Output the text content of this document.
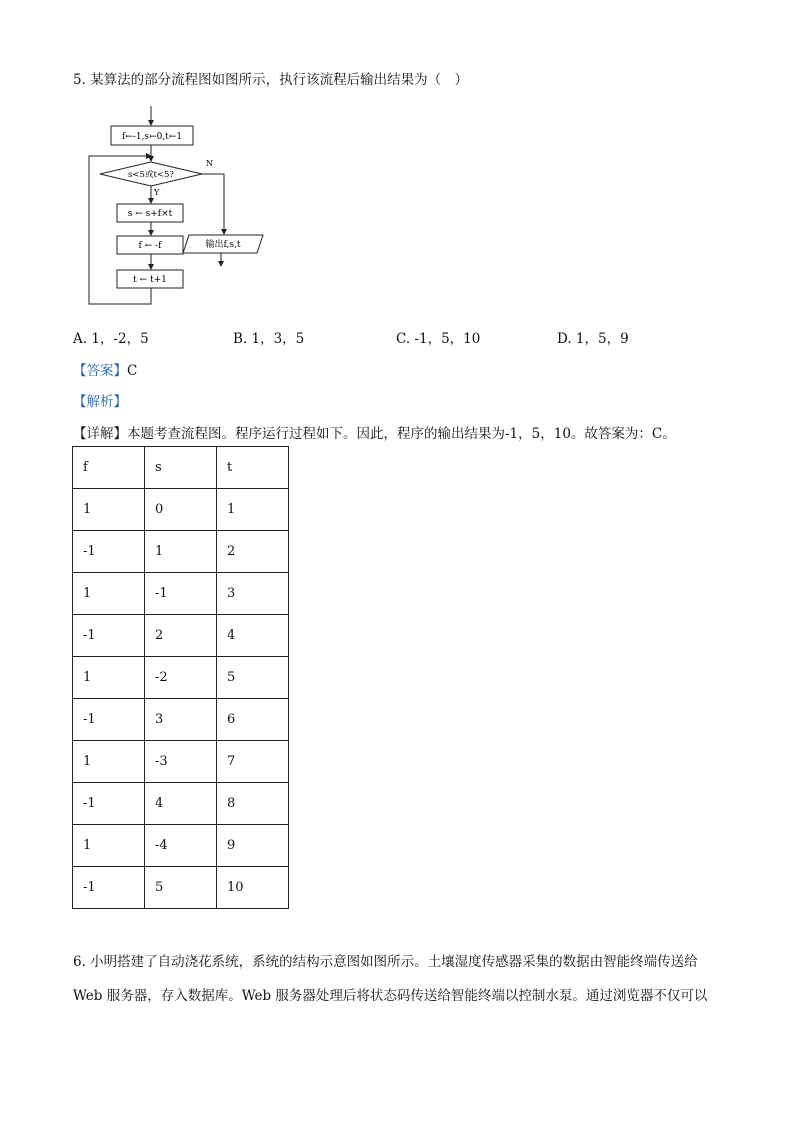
5. 某算法的部分流程图如图所示，执行该流程后输出结果为（　）
f←-1,s←0,t←1
s<5或t<5?
N
Y
s ← s+f×t
f ← -f
t ← t+1
输出f,s,t
A. 1，-2，5	B. 1，3，5	C. -1，5，10	D. 1，5，9
【答案】C
【解析】
【详解】本题考查流程图。程序运行过程如下。因此，程序的输出结果为-1，5，10。故答案为：C。
f	s	t
1	0	1
-1	1	2
1	-1	3
-1	2	4
1	-2	5
-1	3	6
1	-3	7
-1	4	8
1	-4	9
-1	5	10
6. 小明搭建了自动浇花系统，系统的结构示意图如图所示。土壤湿度传感器采集的数据由智能终端传送给
Web 服务器，存入数据库。Web 服务器处理后将状态码传送给智能终端以控制水泵。通过浏览器不仅可以
